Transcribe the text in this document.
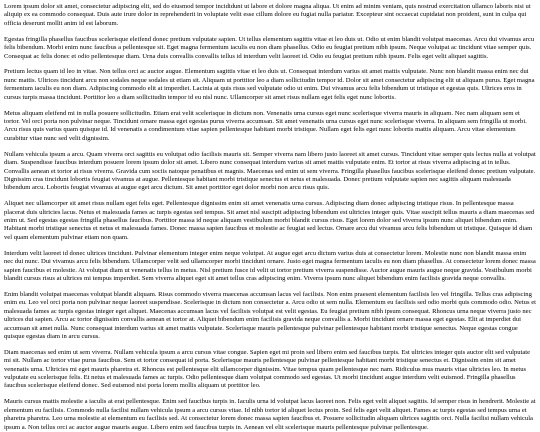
Lorem ipsum dolor sit amet, consectetur adipiscing elit, sed do eiusmod tempor incididunt ut labore et dolore magna aliqua. Ut enim ad minim veniam, quis nostrud exercitation ullamco laboris nisi ut aliquip ex ea commodo consequat. Duis aute irure dolor in reprehenderit in voluptate velit esse cillum dolore eu fugiat nulla pariatur. Excepteur sint occaecat cupidatat non proident, sunt in culpa qui officia deserunt mollit anim id est laborum.

Egestas fringilla phasellus faucibus scelerisque eleifend donec pretium vulputate sapien. Ut tellus elementum sagittis vitae et leo duis ut. Odio ut enim blandit volutpat maecenas. Arcu dui vivamus arcu felis bibendum. Morbi enim nunc faucibus a pellentesque sit. Eget magna fermentum iaculis eu non diam phasellus. Odio eu feugiat pretium nibh ipsum. Neque volutpat ac tincidunt vitae semper quis. Consequat ac felis donec et odio pellentesque diam. Urna duis convallis convallis tellus id interdum velit laoreet id. Odio eu feugiat pretium nibh ipsum. Felis eget velit aliquet sagittis.

Pretium lectus quam id leo in vitae. Non tellus orci ac auctor augue. Elementum sagittis vitae et leo duis ut. Consequat interdum varius sit amet mattis vulputate. Nunc non blandit massa enim nec dui nunc mattis. Ultrices tincidunt arcu non sodales neque sodales ut etiam sit. Aliquam ut porttitor leo a diam sollicitudin tempor id. Dolor sit amet consectetur adipiscing elit ut aliquam purus. Eget magna fermentum iaculis eu non diam. Adipiscing commodo elit at imperdiet. Lacinia at quis risus sed vulputate odio ut enim. Dui vivamus arcu felis bibendum ut tristique et egestas quis. Ultrices eros in cursus turpis massa tincidunt. Porttitor leo a diam sollicitudin tempor id eu nisl nunc. Ullamcorper sit amet risus nullam eget felis eget nunc lobortis.

Metus aliquam eleifend mi in nulla posuere sollicitudin. Etiam erat velit scelerisque in dictum non. Venenatis urna cursus eget nunc scelerisque viverra mauris in aliquam. Nec nam aliquam sem et tortor. Vel orci porta non pulvinar neque. Tincidunt ornare massa eget egestas purus viverra accumsan. Sit amet venenatis urna cursus eget nunc scelerisque viverra. In aliquam sem fringilla ut morbi. Arcu risus quis varius quam quisque id. Id venenatis a condimentum vitae sapien pellentesque habitant morbi tristique. Nullam eget felis eget nunc lobortis mattis aliquam. Arcu vitae elementum curabitur vitae nunc sed velit dignissim.

Nullam vehicula ipsum a arcu. Quam viverra orci sagittis eu volutpat odio facilisis mauris sit. Semper viverra nam libero justo laoreet sit amet cursus. Tincidunt vitae semper quis lectus nulla at volutpat diam. Suspendisse faucibus interdum posuere lorem ipsum dolor sit amet. Libero nunc consequat interdum varius sit amet mattis vulputate enim. Et tortor at risus viverra adipiscing at in tellus. Convallis aenean et tortor at risus viverra. Gravida cum sociis natoque penatibus et magnis. Maecenas sed enim ut sem viverra. Fringilla phasellus faucibus scelerisque eleifend donec pretium vulputate. Dignissim cras tincidunt lobortis feugiat vivamus at augue. Pellentesque habitant morbi tristique senectus et netus et malesuada. Donec pretium vulputate sapien nec sagittis aliquam malesuada bibendum arcu. Lobortis feugiat vivamus at augue eget arcu dictum. Sit amet porttitor eget dolor morbi non arcu risus quis.

Aliquet nec ullamcorper sit amet risus nullam eget felis eget. Pellentesque dignissim enim sit amet venenatis urna cursus. Adipiscing diam donec adipiscing tristique risus. In pellentesque massa placerat duis ultricies lacus. Netus et malesuada fames ac turpis egestas sed tempus. Sit amet nisl suscipit adipiscing bibendum est ultricies integer quis. Vitae suscipit tellus mauris a diam maecenas sed enim ut. Sed egestas egestas fringilla phasellus faucibus. Porttitor massa id neque aliquam vestibulum morbi blandit cursus risus. Eget lorem dolor sed viverra ipsum nunc aliquet bibendum enim. Habitant morbi tristique senectus et netus et malesuada fames. Donec massa sapien faucibus et molestie ac feugiat sed lectus. Ornare arcu dui vivamus arcu felis bibendum ut tristique. Quisque id diam vel quam elementum pulvinar etiam non quam.

Interdum velit laoreet id donec ultrices tincidunt. Pulvinar elementum integer enim neque volutpat. At augue eget arcu dictum varius duis at consectetur lorem. Molestie nunc non blandit massa enim nec dui nunc. Dui vivamus arcu felis bibendum. Ullamcorper velit sed ullamcorper morbi tincidunt ornare. Justo eget magna fermentum iaculis eu non diam phasellus. At consectetur lorem donec massa sapien faucibus et molestie. At volutpat diam ut venenatis tellus in metus. Nisl pretium fusce id velit ut tortor pretium viverra suspendisse. Auctor augue mauris augue neque gravida. Vestibulum morbi blandit cursus risus at ultrices mi tempus imperdiet. Sem viverra aliquet eget sit amet tellus cras adipiscing enim. Viverra ipsum nunc aliquet bibendum enim facilisis gravida neque convallis.

Enim blandit volutpat maecenas volutpat blandit aliquam. Risus commodo viverra maecenas accumsan lacus vel facilisis. Non enim praesent elementum facilisis leo vel fringilla. Tellus cras adipiscing enim eu. Leo vel orci porta non pulvinar neque laoreet suspendisse. Scelerisque in dictum non consectetur a. Arcu odio ut sem nulla. Elementum eu facilisis sed odio morbi quis commodo odio. Netus et malesuada fames ac turpis egestas integer eget aliquet. Maecenas accumsan lacus vel facilisis volutpat est velit egestas. Eu feugiat pretium nibh ipsum consequat. Rhoncus urna neque viverra justo nec ultrices dui sapien. Arcu ac tortor dignissim convallis aenean et tortor at. Aliquet bibendum enim facilisis gravida neque convallis a. Morbi tincidunt ornare massa eget egestas. Elit at imperdiet dui accumsan sit amet nulla. Nunc consequat interdum varius sit amet mattis vulputate. Scelerisque mauris pellentesque pulvinar pellentesque habitant morbi tristique senectus. Neque egestas congue quisque egestas diam in arcu cursus.

Diam maecenas sed enim ut sem viverra. Nullam vehicula ipsum a arcu cursus vitae congue. Sapien eget mi proin sed libero enim sed faucibus turpis. Est ultricies integer quis auctor elit sed vulputate mi sit. Nullam ac tortor vitae purus faucibus. Sem et tortor consequat id porta. Scelerisque mauris pellentesque pulvinar pellentesque habitant morbi tristique senectus et. Dignissim enim sit amet venenatis urna. Ultricies mi eget mauris pharetra et. Rhoncus est pellentesque elit ullamcorper dignissim. Vitae tempus quam pellentesque nec nam. Ridiculus mus mauris vitae ultricies leo. In metus vulputate eu scelerisque felis. Et netus et malesuada fames ac turpis. Odio pellentesque diam volutpat commodo sed egestas. Ut morbi tincidunt augue interdum velit euismod. Fringilla phasellus faucibus scelerisque eleifend donec. Sed euismod nisi porta lorem mollis aliquam ut porttitor leo.

Mauris cursus mattis molestie a iaculis at erat pellentesque. Enim sed faucibus turpis in. Iaculis urna id volutpat lacus laoreet non. Felis eget velit aliquet sagittis. Id semper risus in hendrerit. Molestie at elementum eu facilisis. Commodo nulla facilisi nullam vehicula ipsum a arcu cursus vitae. Id nibh tortor id aliquet lectus proin. Sed felis eget velit aliquet. Fames ac turpis egestas sed tempus urna et pharetra pharetra. Leo urna molestie at elementum eu facilisis sed. At consectetur lorem donec massa sapien faucibus et. Posuere sollicitudin aliquam ultrices sagittis orci. Nulla facilisi nullam vehicula ipsum a. Non tellus orci ac auctor augue mauris augue. Libero enim sed faucibus turpis in. Aenean vel elit scelerisque mauris pellentesque pulvinar pellentesque.
